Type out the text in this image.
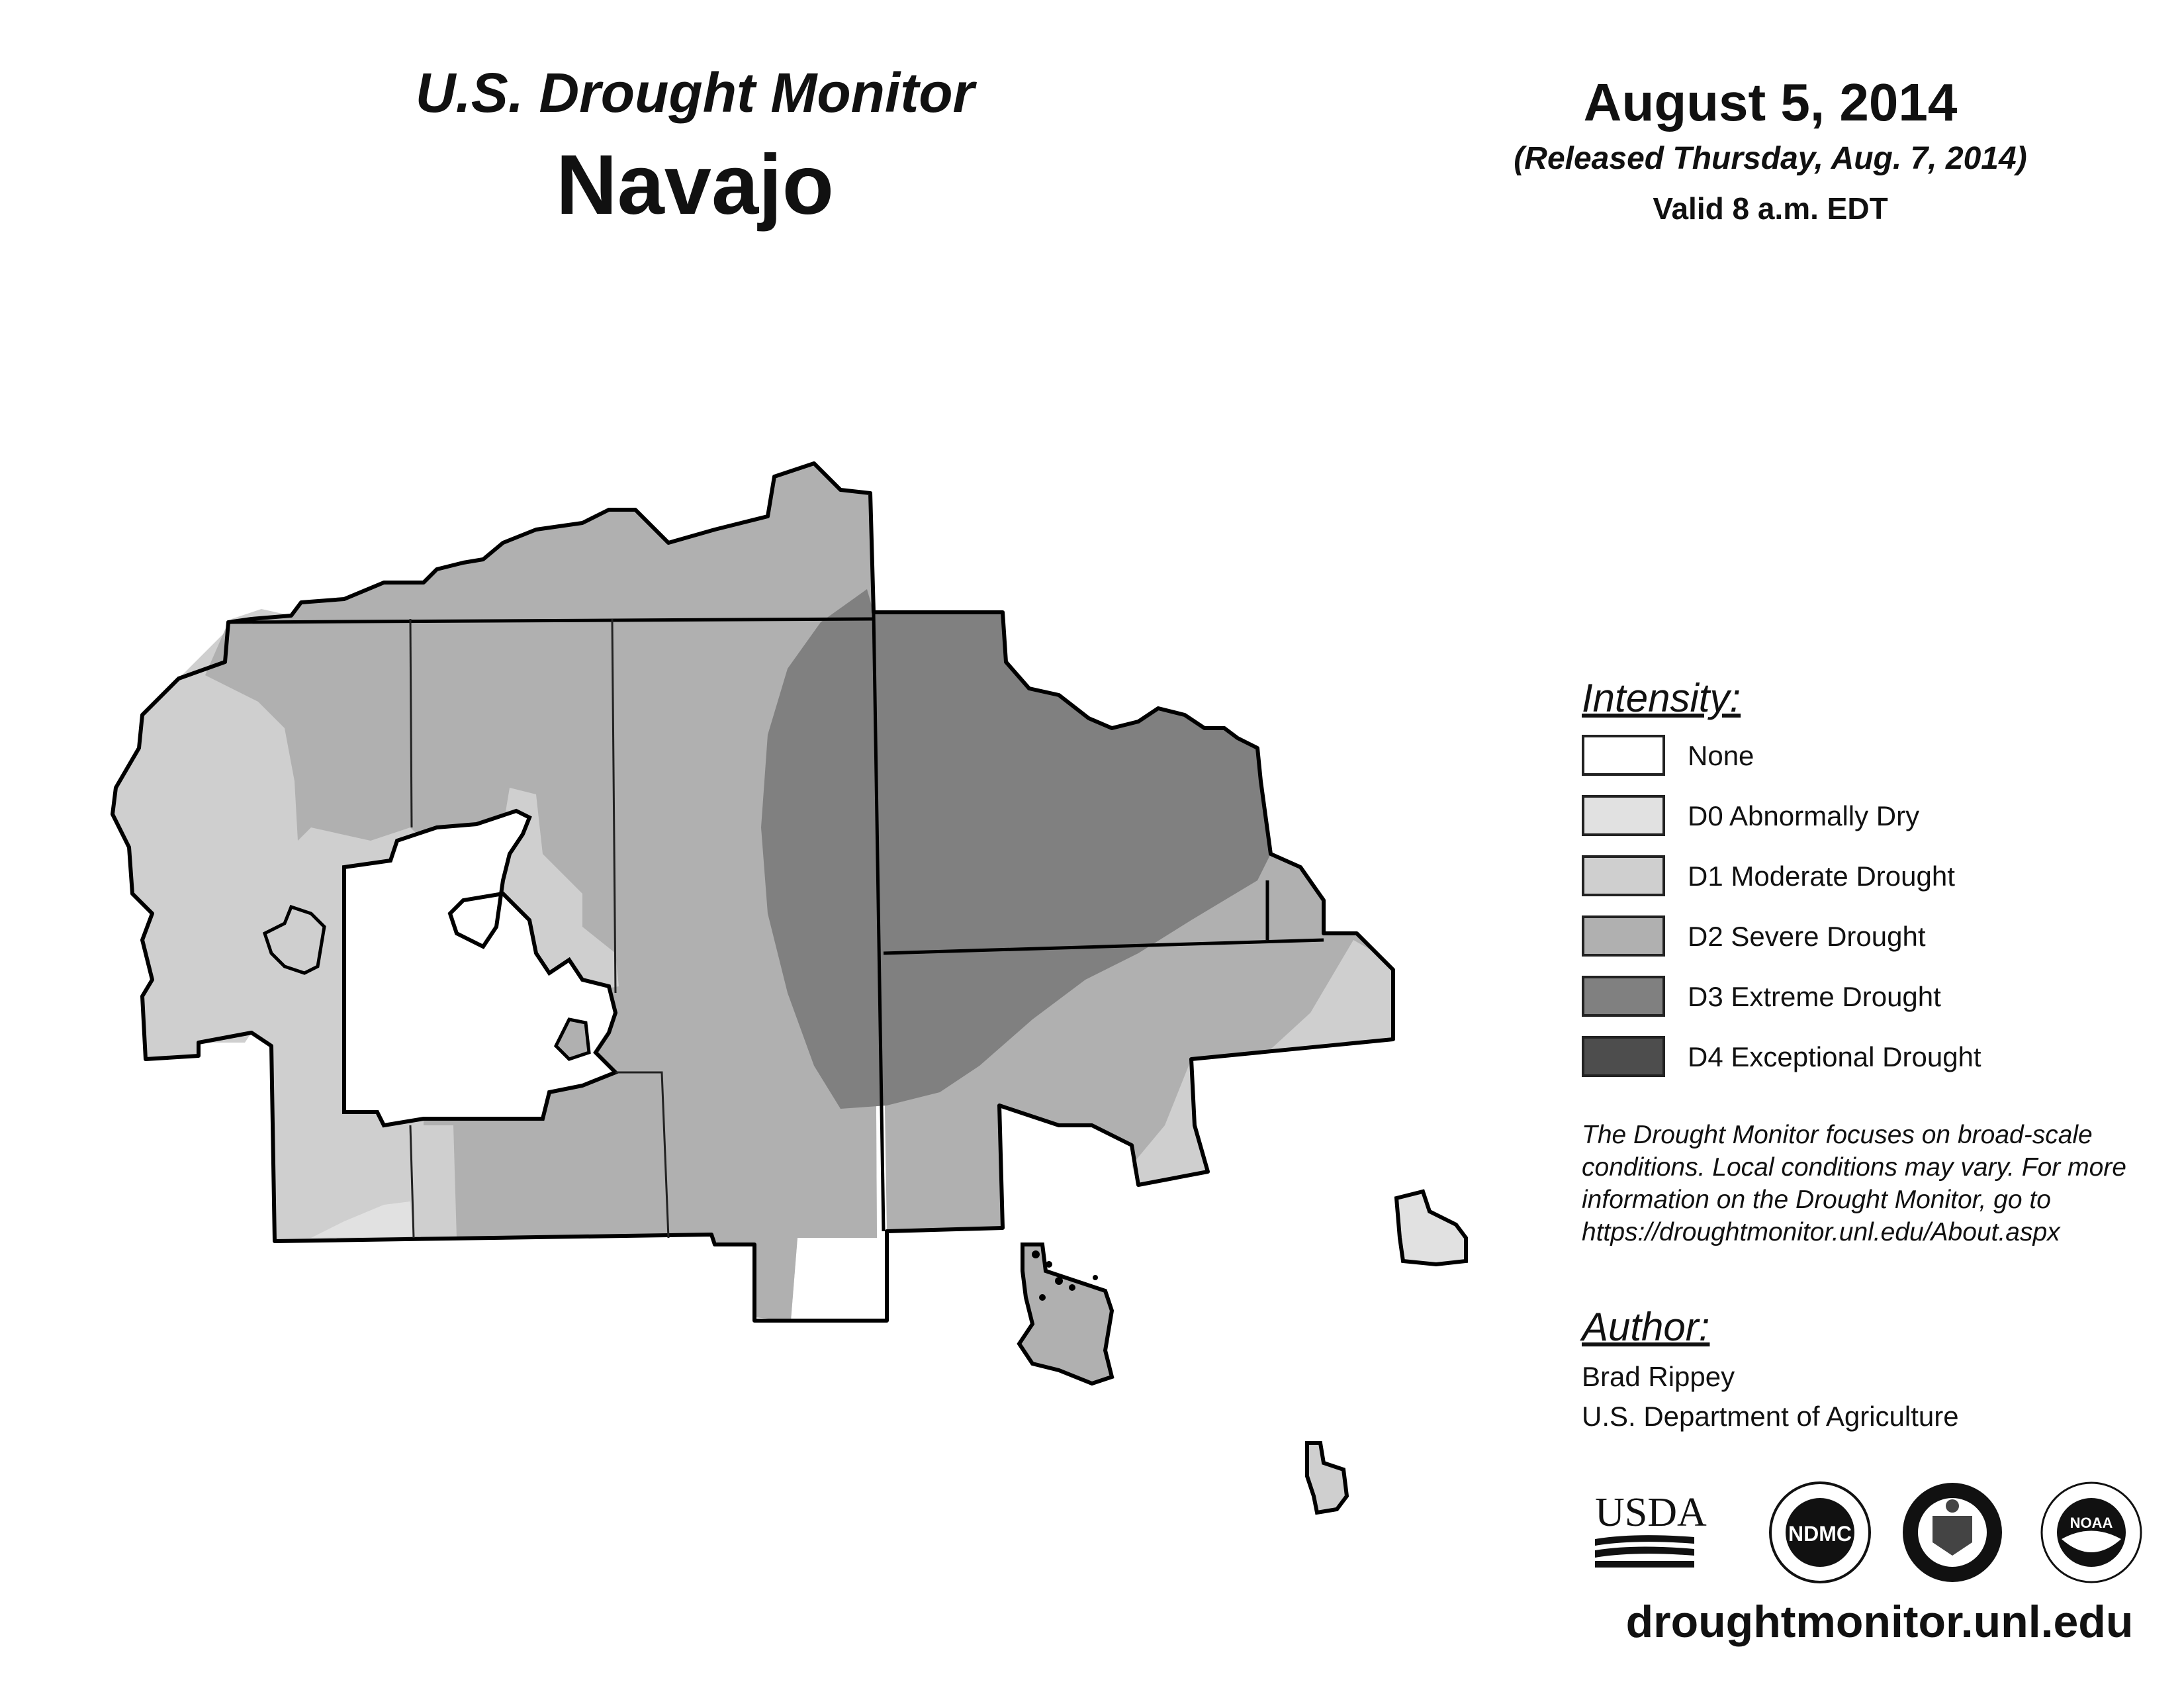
U.S. Drought Monitor
Navajo
August 5, 2014
(Released Thursday, Aug. 7, 2014)
Valid 8 a.m. EDT
Intensity:
None
D0 Abnormally Dry
D1 Moderate Drought
D2 Severe Drought
D3 Extreme Drought
D4 Exceptional Drought
The Drought Monitor focuses on broad-scale conditions. Local conditions may vary. For more information on the Drought Monitor, go to https://droughtmonitor.unl.edu/About.aspx
Author:
Brad Rippey
U.S. Department of Agriculture
USDA	NDMC	NOAA
droughtmonitor.unl.edu
